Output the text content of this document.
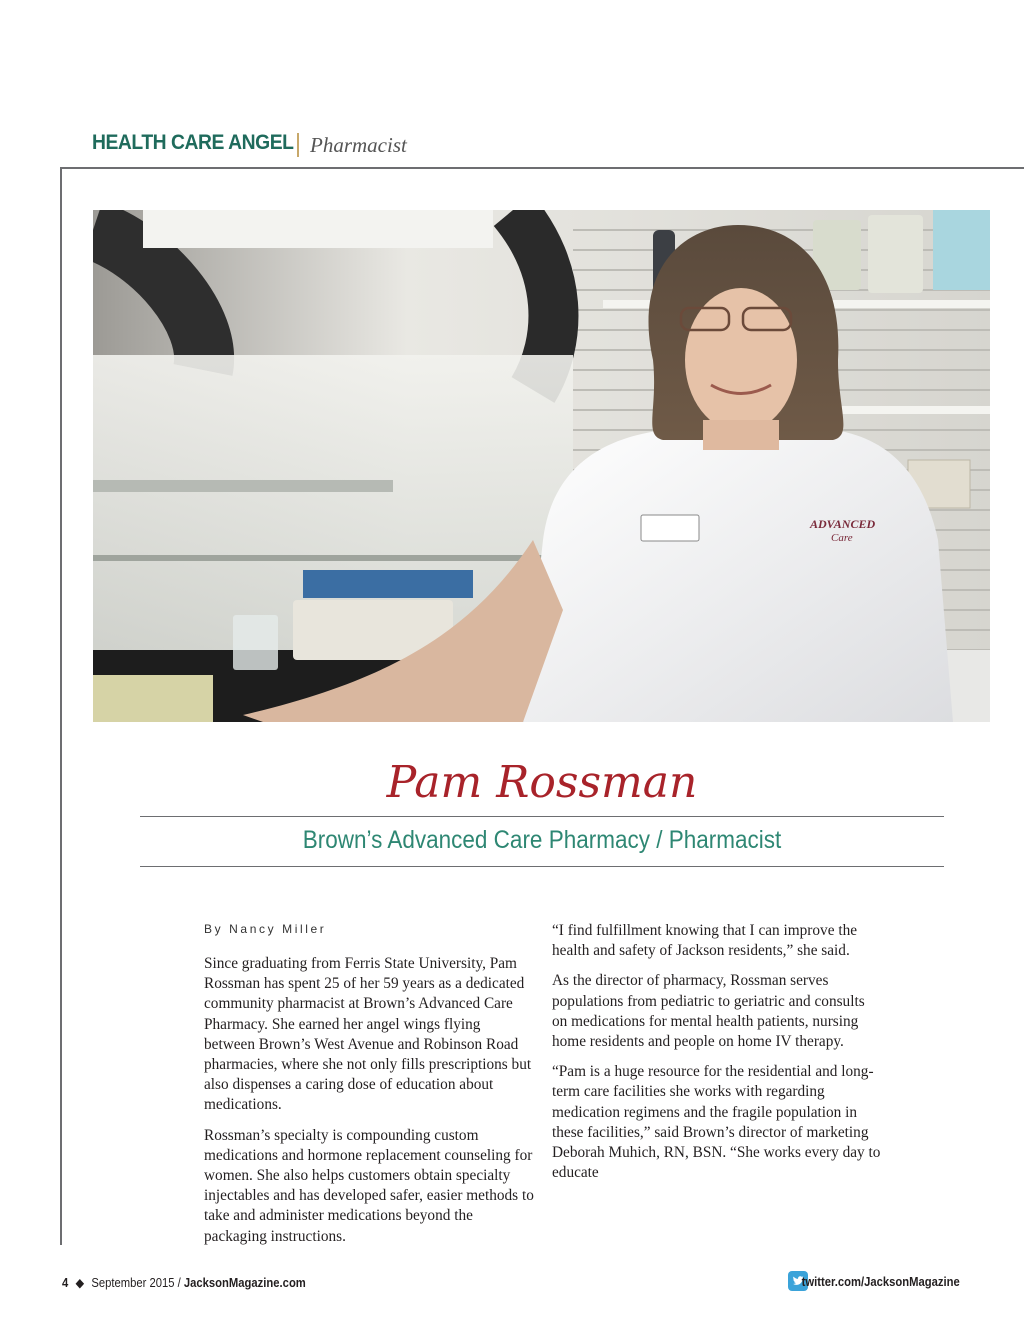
HEALTH CARE ANGEL Pharmacist
ADVANCED
Care
Pam Rossman
Brown’s Advanced Care Pharmacy / Pharmacist
By Nancy Miller

Since graduating from Ferris State University, Pam Rossman has spent 25 of her 59 years as a dedicated community pharmacist at Brown’s Advanced Care Pharmacy. She earned her angel wings flying between Brown’s West Avenue and Robinson Road pharmacies, where she not only fills prescriptions but also dispenses a caring dose of education about medications.

Rossman’s specialty is compounding custom medications and hormone replacement counseling for women. She also helps customers obtain specialty injectables and has developed safer, easier methods to take and administer medications beyond the packaging instructions.

“I find fulfillment knowing that I can improve the health and safety of Jackson residents,” she said.

As the director of pharmacy, Rossman serves populations from pediatric to geriatric and consults on medications for mental health patients, nursing home residents and people on home IV therapy.

“Pam is a huge resource for the residential and long-term care facilities she works with regarding medication regimens and the fragile population in these facilities,” said Brown’s director of marketing Deborah Muhich, RN, BSN. “She works every day to educate

4 ◆ September 2015 / JacksonMagazine.com	twitter.com/JacksonMagazine
